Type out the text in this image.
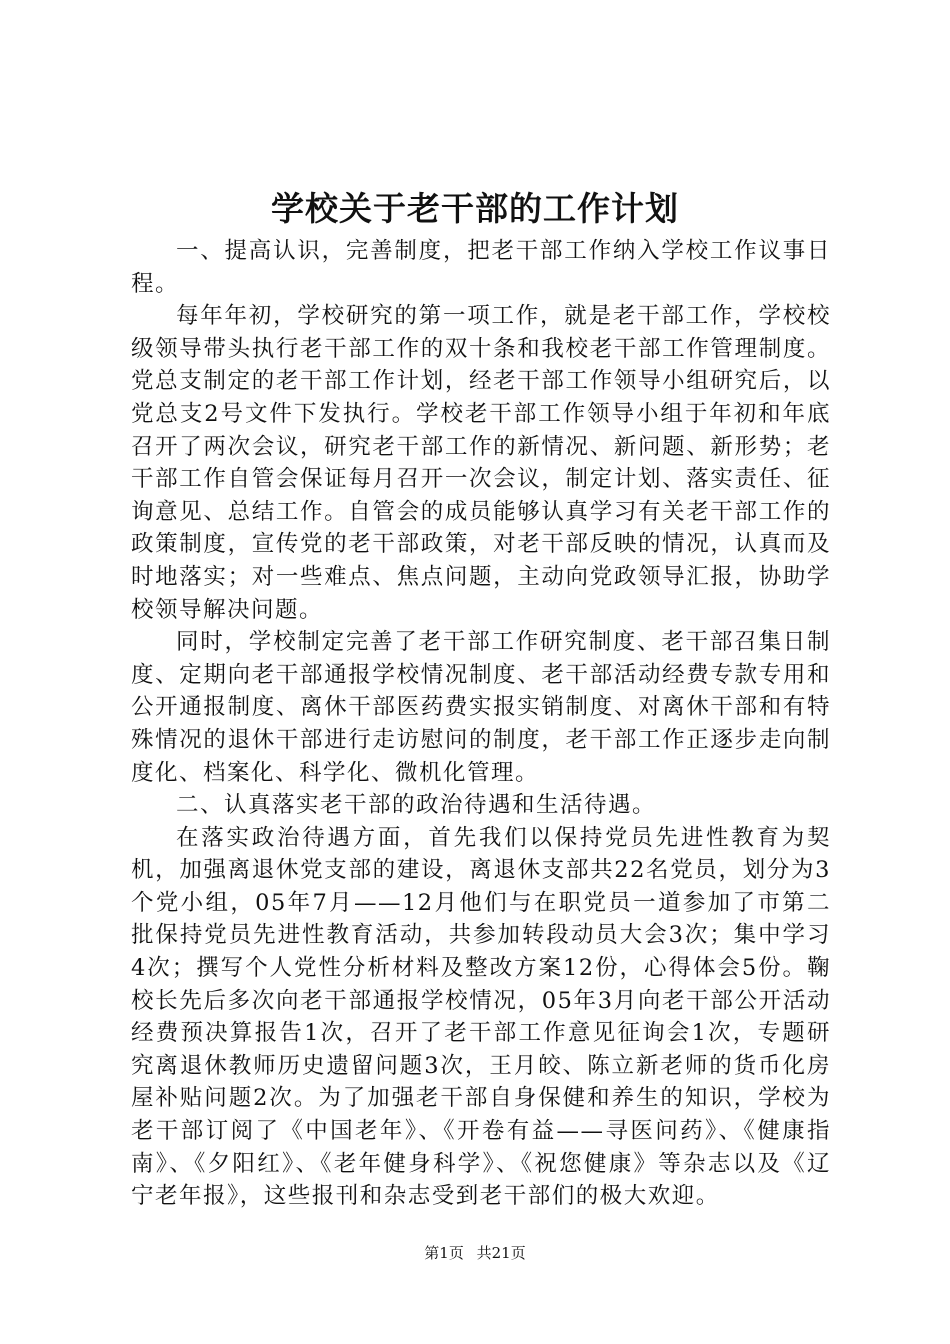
学校关于老干部的工作计划

一、提高认识，完善制度，把老干部工作纳入学校工作议事日程。

每年年初，学校研究的第一项工作，就是老干部工作，学校校级领导带头执行老干部工作的双十条和我校老干部工作管理制度。党总支制定的老干部工作计划，经老干部工作领导小组研究后，以党总支2号文件下发执行。学校老干部工作领导小组于年初和年底召开了两次会议，研究老干部工作的新情况、新问题、新形势；老干部工作自管会保证每月召开一次会议，制定计划、落实责任、征询意见、总结工作。自管会的成员能够认真学习有关老干部工作的政策制度，宣传党的老干部政策，对老干部反映的情况，认真而及时地落实；对一些难点、焦点问题，主动向党政领导汇报，协助学校领导解决问题。

同时，学校制定完善了老干部工作研究制度、老干部召集日制度、定期向老干部通报学校情况制度、老干部活动经费专款专用和公开通报制度、离休干部医药费实报实销制度、对离休干部和有特殊情况的退休干部进行走访慰问的制度，老干部工作正逐步走向制度化、档案化、科学化、微机化管理。

二、认真落实老干部的政治待遇和生活待遇。

在落实政治待遇方面，首先我们以保持党员先进性教育为契机，加强离退休党支部的建设，离退休支部共22名党员，划分为3个党小组，05年7月——12月他们与在职党员一道参加了市第二批保持党员先进性教育活动，共参加转段动员大会3次；集中学习4次；撰写个人党性分析材料及整改方案12份，心得体会5份。鞠校长先后多次向老干部通报学校情况，05年3月向老干部公开活动经费预决算报告1次，召开了老干部工作意见征询会1次，专题研究离退休教师历史遗留问题3次，王月皎、陈立新老师的货币化房屋补贴问题2次。为了加强老干部自身保健和养生的知识，学校为老干部订阅了《中国老年》、《开卷有益——寻医问药》、《健康指南》、《夕阳红》、《老年健身科学》、《祝您健康》等杂志以及《辽宁老年报》，这些报刊和杂志受到老干部们的极大欢迎。

第1页 共21页
